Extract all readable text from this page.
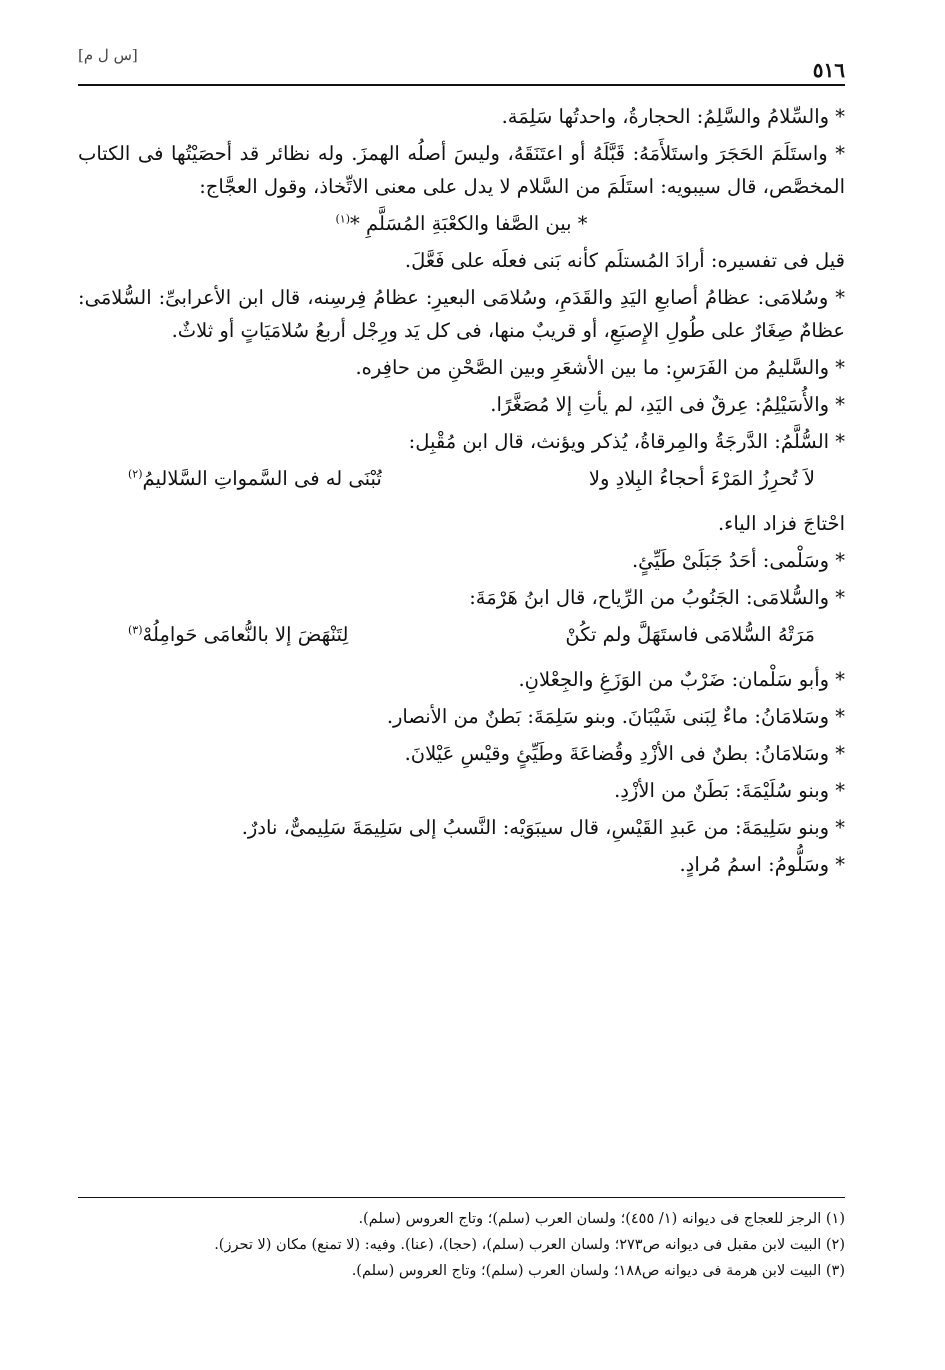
٥١٦
[س ل م]

* والسِّلامُ والسَّلِمُ: الحجارةُ، واحدتُها سَلِمَة.

* واستَلَمَ الحَجَرَ واستَلأَمَهُ: قَبَّلَهُ أو اعتَنَقَهُ، وليسَ أصلُه الهمزَ. وله نظائر قد أحصَيْتُها فى الكتاب المخصَّص، قال سيبويه: استَلَمَ من السَّلام لا يدل على معنى الاتِّخاذ، وقول العجَّاج:

* بين الصَّفا والكعْبَةِ المُسَلَّمِ *$^{(١)}$

قيل فى تفسيره: أرادَ المُستلَم كأنه بَنى فعلَه على فَعَّلَ.

* وسُلامَى: عظامُ أصابعِ اليَدِ والقَدَمِ، وسُلامَى البعيرِ: عظامُ فِرسِنه، قال ابن الأعرابىِّ: السُّلامَى: عظامٌ صِغَارٌ على طُولِ الإِصبَعِ، أو قريبٌ منها، فى كل يَد ورِجْل أربعُ سُلامَيَاتٍ أو ثلاثٌ.

* والسَّليمُ من الفَرَسِ: ما بين الأشعَرِ وبين الصَّحْنِ من حافِره.

* والأُسَيْلِمُ: عِرقٌ فى اليَدِ، لم يأتِ إلا مُصَغَّرًا.

* السُّلَّمُ: الدَّرجَةُ والمِرقاةُ، يُذكر ويؤنث، قال ابن مُقْبِل:

لاَ تُحرِزُ المَرْءَ أحجاءُ البِلادِ ولا
تُبْنَى له فى السَّمواتِ السَّلاليمُ$^{(٢)}$

احْتاجَ فزاد الياء.

* وسَلْمى: أحَدُ جَبَلَىْ طَيِّئٍ.

* والسُّلامَى: الجَنُوبُ من الرِّياح، قال ابنُ هَرْمَةَ:

مَرَتْهُ السُّلامَى فاستَهَلَّ ولم تكُنْ
لِتَنْهَضَ إلا بالنُّعامَى حَوامِلُهْ$^{(٣)}$

* وأبو سَلْمان: ضَرْبٌ من الوَزَغِ والجِعْلانِ.

* وسَلامَانُ: ماءٌ لِبَنى شَيْبَانَ. وبنو سَلِمَةَ: بَطنٌ من الأنصار.

* وسَلامَانُ: بطنٌ فى الأزْدِ وقُضاعَةَ وطَيِّئٍ وقيْسِ عَيْلانَ.

* وبنو سُلَيْمَةَ: بَطَنٌ من الأزْدِ.

* وبنو سَلِيمَةَ: من عَبدِ القَيْسِ، قال سيبَوَيْه: النَّسبُ إلى سَلِيمَةَ سَلِيمىٌّ، نادرٌ.

* وسَلُّومُ: اسمُ مُرادٍ.

(١) الرجز للعجاج فى ديوانه (١/ ٤٥٥)؛ ولسان العرب (سلم)؛ وتاج العروس (سلم).

(٢) البيت لابن مقبل فى ديوانه ص٢٧٣؛ ولسان العرب (سلم)، (حجا)، (عنا). وفيه: (لا تمنع) مكان (لا تحرز).

(٣) البيت لابن هرمة فى ديوانه ص١٨٨؛ ولسان العرب (سلم)؛ وتاج العروس (سلم).
